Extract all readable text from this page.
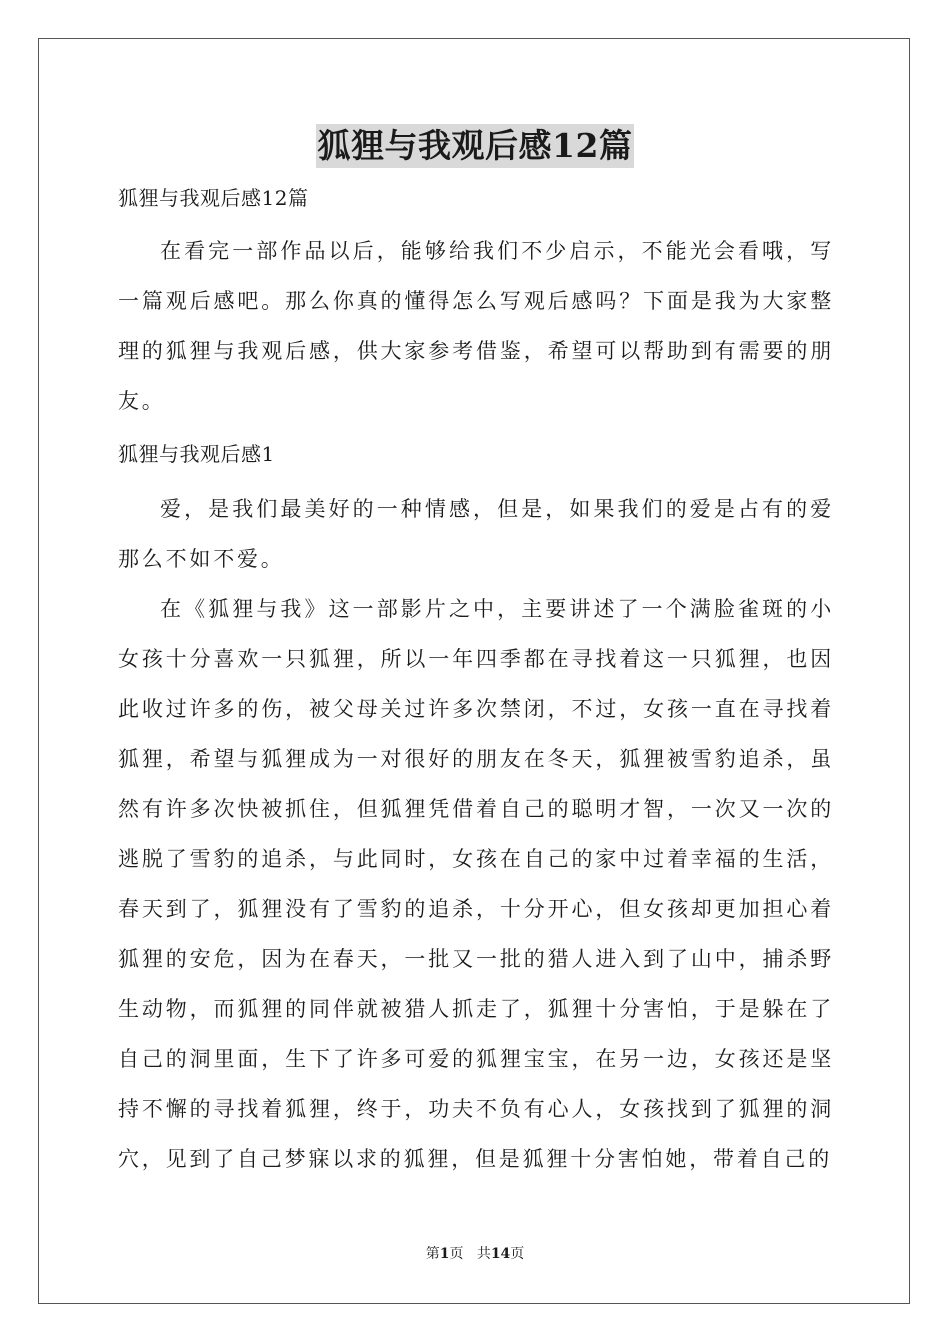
狐狸与我观后感12篇

狐狸与我观后感12篇

在看完一部作品以后，能够给我们不少启示，不能光会看哦，写一篇观后感吧。那么你真的懂得怎么写观后感吗？下面是我为大家整理的狐狸与我观后感，供大家参考借鉴，希望可以帮助到有需要的朋友。

狐狸与我观后感1

爱，是我们最美好的一种情感，但是，如果我们的爱是占有的爱那么不如不爱。

在《狐狸与我》这一部影片之中，主要讲述了一个满脸雀斑的小女孩十分喜欢一只狐狸，所以一年四季都在寻找着这一只狐狸，也因此收过许多的伤，被父母关过许多次禁闭，不过，女孩一直在寻找着狐狸，希望与狐狸成为一对很好的朋友在冬天，狐狸被雪豹追杀，虽然有许多次快被抓住，但狐狸凭借着自己的聪明才智，一次又一次的逃脱了雪豹的追杀，与此同时，女孩在自己的家中过着幸福的生活，春天到了，狐狸没有了雪豹的追杀，十分开心，但女孩却更加担心着狐狸的安危，因为在春天，一批又一批的猎人进入到了山中，捕杀野生动物，而狐狸的同伴就被猎人抓走了，狐狸十分害怕，于是躲在了自己的洞里面，生下了许多可爱的狐狸宝宝，在另一边，女孩还是坚持不懈的寻找着狐狸，终于，功夫不负有心人，女孩找到了狐狸的洞穴，见到了自己梦寐以求的狐狸，但是狐狸十分害怕她，带着自己的

第1页 共14页
